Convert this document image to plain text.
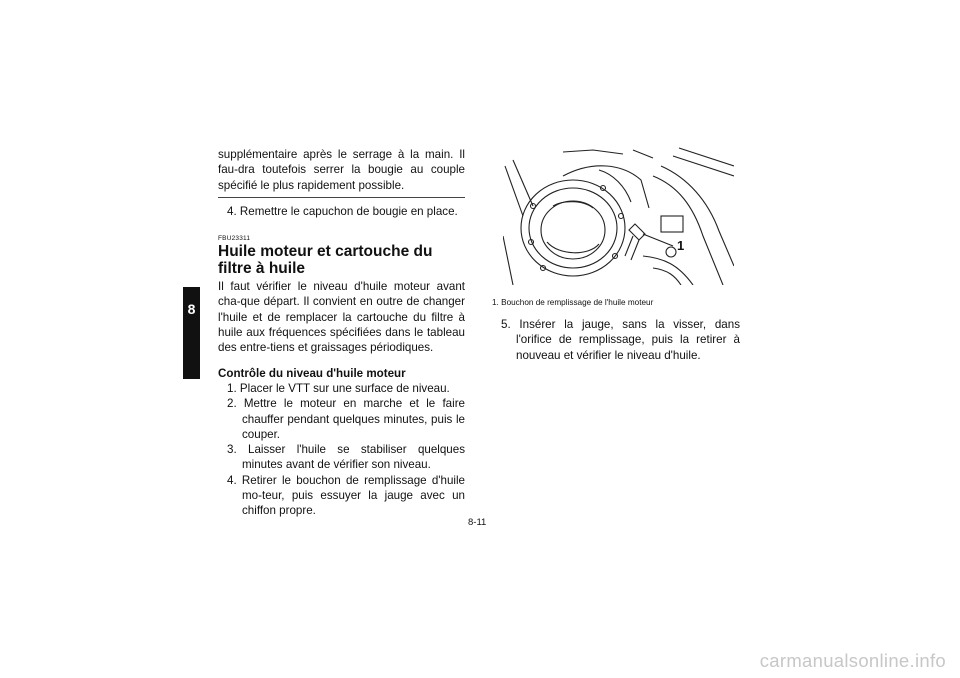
8

supplémentaire après le serrage à la main. Il fau-dra toutefois serrer la bougie au couple spécifié le plus rapidement possible.

4. Remettre le capuchon de bougie en place.

FBU23311
Huile moteur et cartouche du filtre à huile

Il faut vérifier le niveau d'huile moteur avant cha-que départ. Il convient en outre de changer l'huile et de remplacer la cartouche du filtre à huile aux fréquences spécifiées dans le tableau des entre-tiens et graissages périodiques.

Contrôle du niveau d'huile moteur

1. Placer le VTT sur une surface de niveau.

2. Mettre le moteur en marche et le faire chauffer pendant quelques minutes, puis le couper.

3. Laisser l'huile se stabiliser quelques minutes avant de vérifier son niveau.

4. Retirer le bouchon de remplissage d'huile mo-teur, puis essuyer la jauge avec un chiffon propre.

1
1. Bouchon de remplissage de l'huile moteur

5. Insérer la jauge, sans la visser, dans l'orifice de remplissage, puis la retirer à nouveau et vérifier le niveau d'huile.

8-11
carmanualsonline.info
